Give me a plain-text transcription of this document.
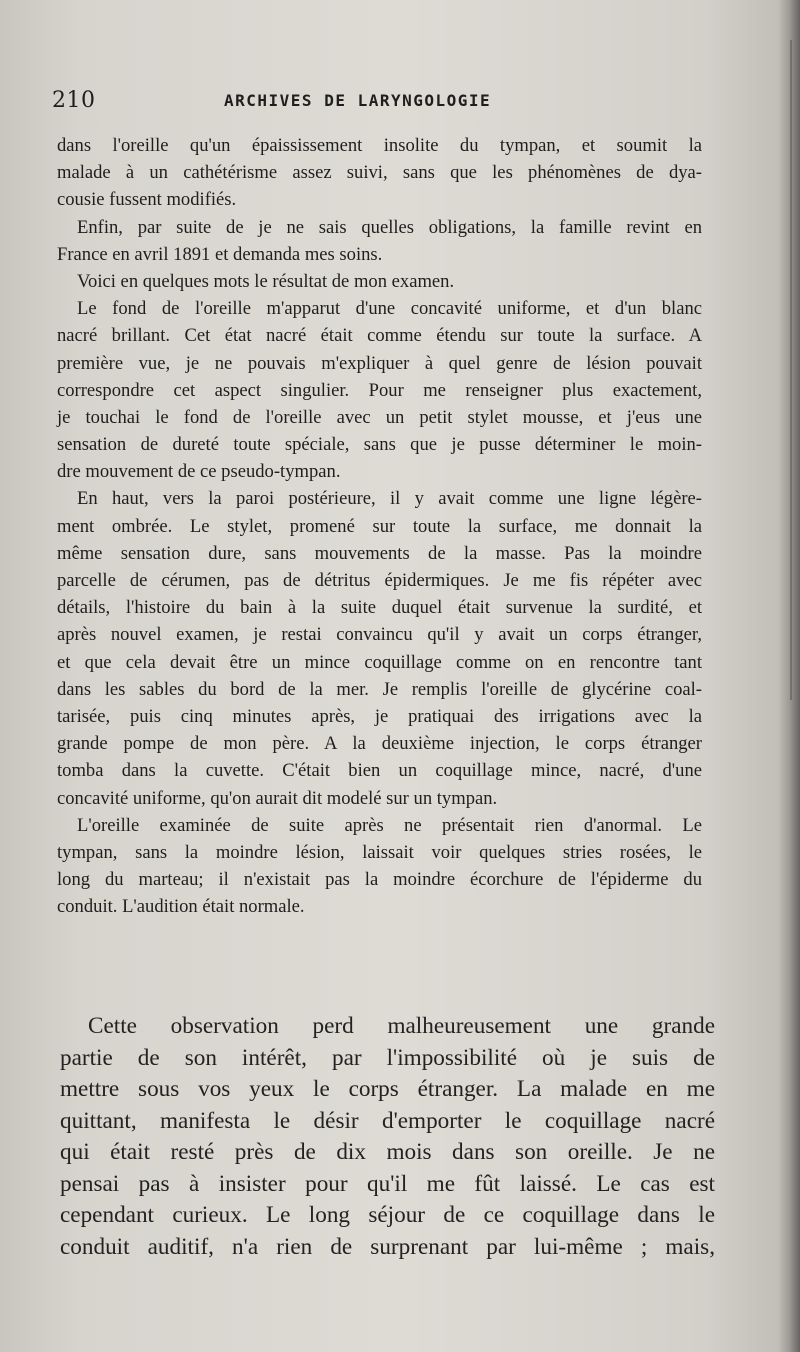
210	ARCHIVES DE LARYNGOLOGIE
dans l'oreille qu'un épaississement insolite du tympan, et soumit la
malade à un cathétérisme assez suivi, sans que les phénomènes de dya-
cousie fussent modifiés.
Enfin, par suite de je ne sais quelles obligations, la famille revint en
France en avril 1891 et demanda mes soins.
Voici en quelques mots le résultat de mon examen.
Le fond de l'oreille m'apparut d'une concavité uniforme, et d'un blanc
nacré brillant. Cet état nacré était comme étendu sur toute la surface. A
première vue, je ne pouvais m'expliquer à quel genre de lésion pouvait
correspondre cet aspect singulier. Pour me renseigner plus exactement,
je touchai le fond de l'oreille avec un petit stylet mousse, et j'eus une
sensation de dureté toute spéciale, sans que je pusse déterminer le moin-
dre mouvement de ce pseudo-tympan.
En haut, vers la paroi postérieure, il y avait comme une ligne légère-
ment ombrée. Le stylet, promené sur toute la surface, me donnait la
même sensation dure, sans mouvements de la masse. Pas la moindre
parcelle de cérumen, pas de détritus épidermiques. Je me fis répéter avec
détails, l'histoire du bain à la suite duquel était survenue la surdité, et
après nouvel examen, je restai convaincu qu'il y avait un corps étranger,
et que cela devait être un mince coquillage comme on en rencontre tant
dans les sables du bord de la mer. Je remplis l'oreille de glycérine coal-
tarisée, puis cinq minutes après, je pratiquai des irrigations avec la
grande pompe de mon père. A la deuxième injection, le corps étranger
tomba dans la cuvette. C'était bien un coquillage mince, nacré, d'une
concavité uniforme, qu'on aurait dit modelé sur un tympan.
L'oreille examinée de suite après ne présentait rien d'anormal. Le
tympan, sans la moindre lésion, laissait voir quelques stries rosées, le
long du marteau; il n'existait pas la moindre écorchure de l'épiderme du
conduit. L'audition était normale.
Cette observation perd malheureusement une grande
partie de son intérêt, par l'impossibilité où je suis de
mettre sous vos yeux le corps étranger. La malade en me
quittant, manifesta le désir d'emporter le coquillage nacré
qui était resté près de dix mois dans son oreille. Je ne
pensai pas à insister pour qu'il me fût laissé. Le cas est
cependant curieux. Le long séjour de ce coquillage dans le
conduit auditif, n'a rien de surprenant par lui-même ; mais,
